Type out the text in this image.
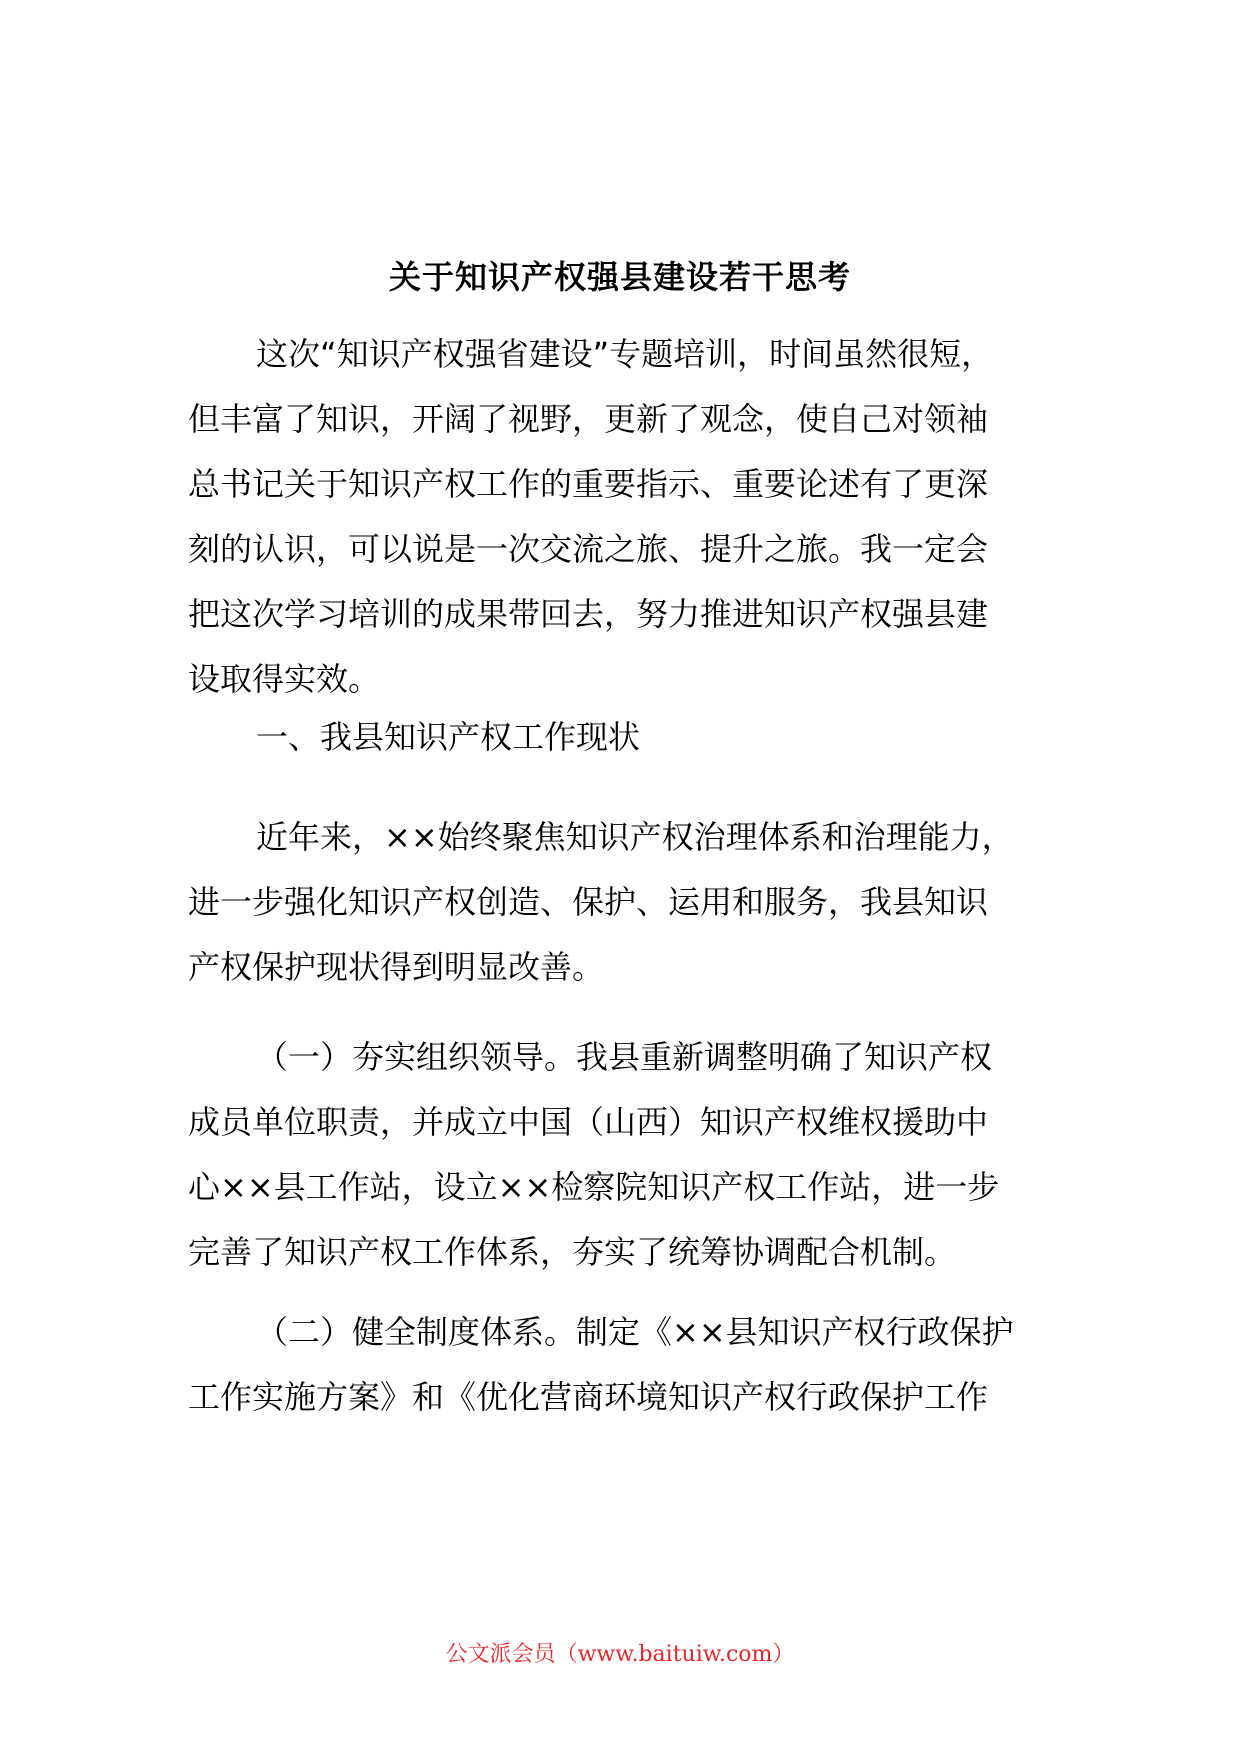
关于知识产权强县建设若干思考
这次“知识产权强省建设”专题培训，时间虽然很短，
但丰富了知识，开阔了视野，更新了观念，使自己对领袖
总书记关于知识产权工作的重要指示、重要论述有了更深
刻的认识，可以说是一次交流之旅、提升之旅。我一定会
把这次学习培训的成果带回去，努力推进知识产权强县建
设取得实效。
一、我县知识产权工作现状
近年来，××始终聚焦知识产权治理体系和治理能力，
进一步强化知识产权创造、保护、运用和服务，我县知识
产权保护现状得到明显改善。
（一）夯实组织领导。我县重新调整明确了知识产权
成员单位职责，并成立中国（山西）知识产权维权援助中
心××县工作站，设立××检察院知识产权工作站，进一步
完善了知识产权工作体系，夯实了统筹协调配合机制。
（二）健全制度体系。制定《××县知识产权行政保护
工作实施方案》和《优化营商环境知识产权行政保护工作
公文派会员（www.baituiw.com）
